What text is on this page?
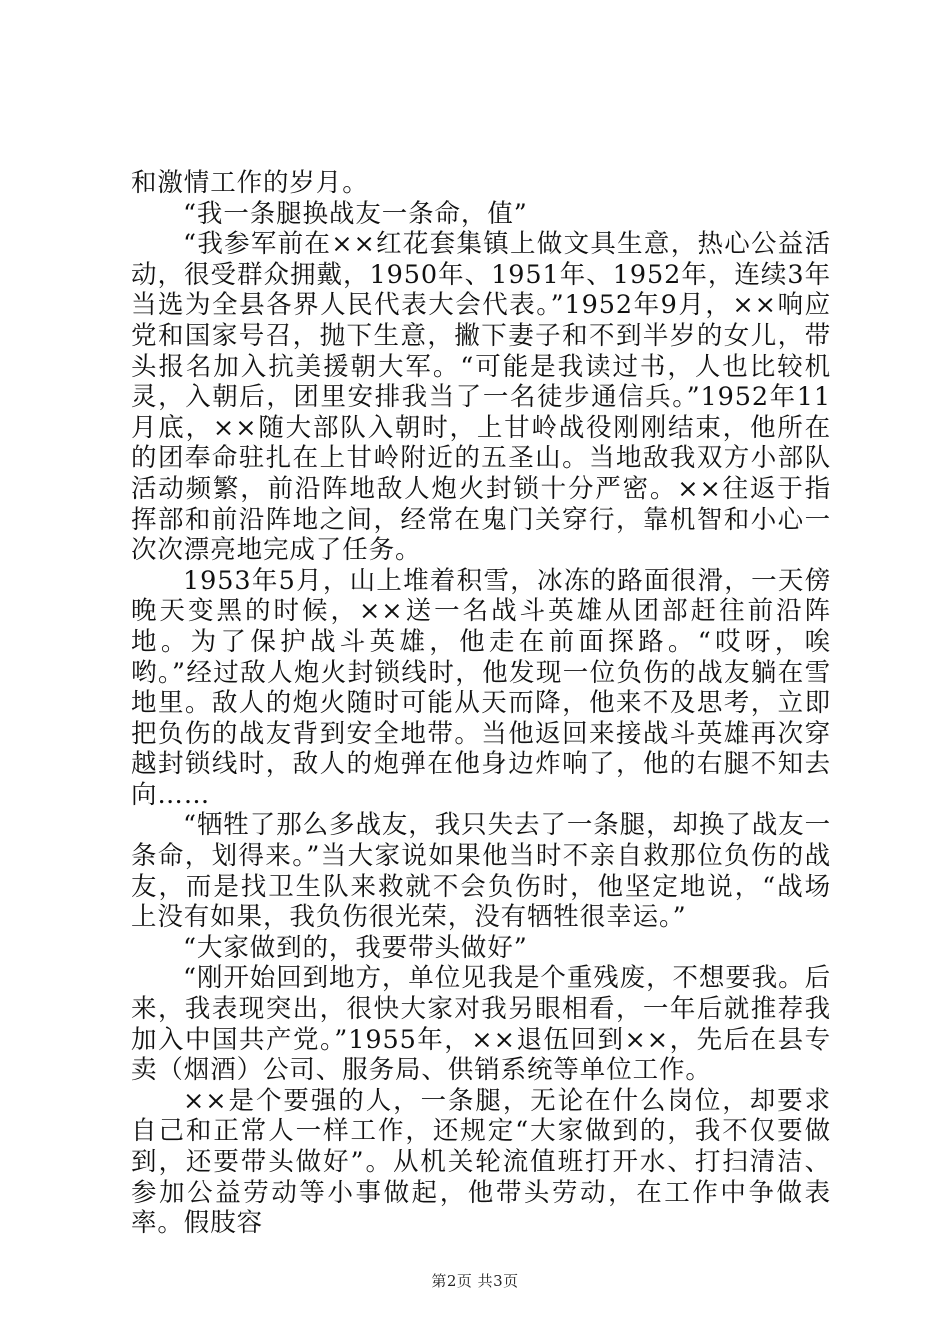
和激情工作的岁月。

“我一条腿换战友一条命，值”

“我参军前在××红花套集镇上做文具生意，热心公益活动，很受群众拥戴，1950年、1951年、1952年，连续3年当选为全县各界人民代表大会代表。”1952年9月，××响应党和国家号召，抛下生意，撇下妻子和不到半岁的女儿，带头报名加入抗美援朝大军。“可能是我读过书，人也比较机灵，入朝后，团里安排我当了一名徒步通信兵。”1952年11月底，××随大部队入朝时，上甘岭战役刚刚结束，他所在的团奉命驻扎在上甘岭附近的五圣山。当地敌我双方小部队活动频繁，前沿阵地敌人炮火封锁十分严密。××往返于指挥部和前沿阵地之间，经常在鬼门关穿行，靠机智和小心一次次漂亮地完成了任务。

1953年5月，山上堆着积雪，冰冻的路面很滑，一天傍晚天变黑的时候，××送一名战斗英雄从团部赶往前沿阵地。为了保护战斗英雄，他走在前面探路。“哎呀，唉哟。”经过敌人炮火封锁线时，他发现一位负伤的战友躺在雪地里。敌人的炮火随时可能从天而降，他来不及思考，立即把负伤的战友背到安全地带。当他返回来接战斗英雄再次穿越封锁线时，敌人的炮弹在他身边炸响了，他的右腿不知去向……

“牺牲了那么多战友，我只失去了一条腿，却换了战友一条命，划得来。”当大家说如果他当时不亲自救那位负伤的战友，而是找卫生队来救就不会负伤时，他坚定地说，“战场上没有如果，我负伤很光荣，没有牺牲很幸运。”

“大家做到的，我要带头做好”

“刚开始回到地方，单位见我是个重残废，不想要我。后来，我表现突出，很快大家对我另眼相看，一年后就推荐我加入中国共产党。”1955年，××退伍回到××，先后在县专卖（烟酒）公司、服务局、供销系统等单位工作。

××是个要强的人，一条腿，无论在什么岗位，却要求自己和正常人一样工作，还规定“大家做到的，我不仅要做到，还要带头做好”。从机关轮流值班打开水、打扫清洁、参加公益劳动等小事做起，他带头劳动，在工作中争做表率。假肢容

第2页 共3页
